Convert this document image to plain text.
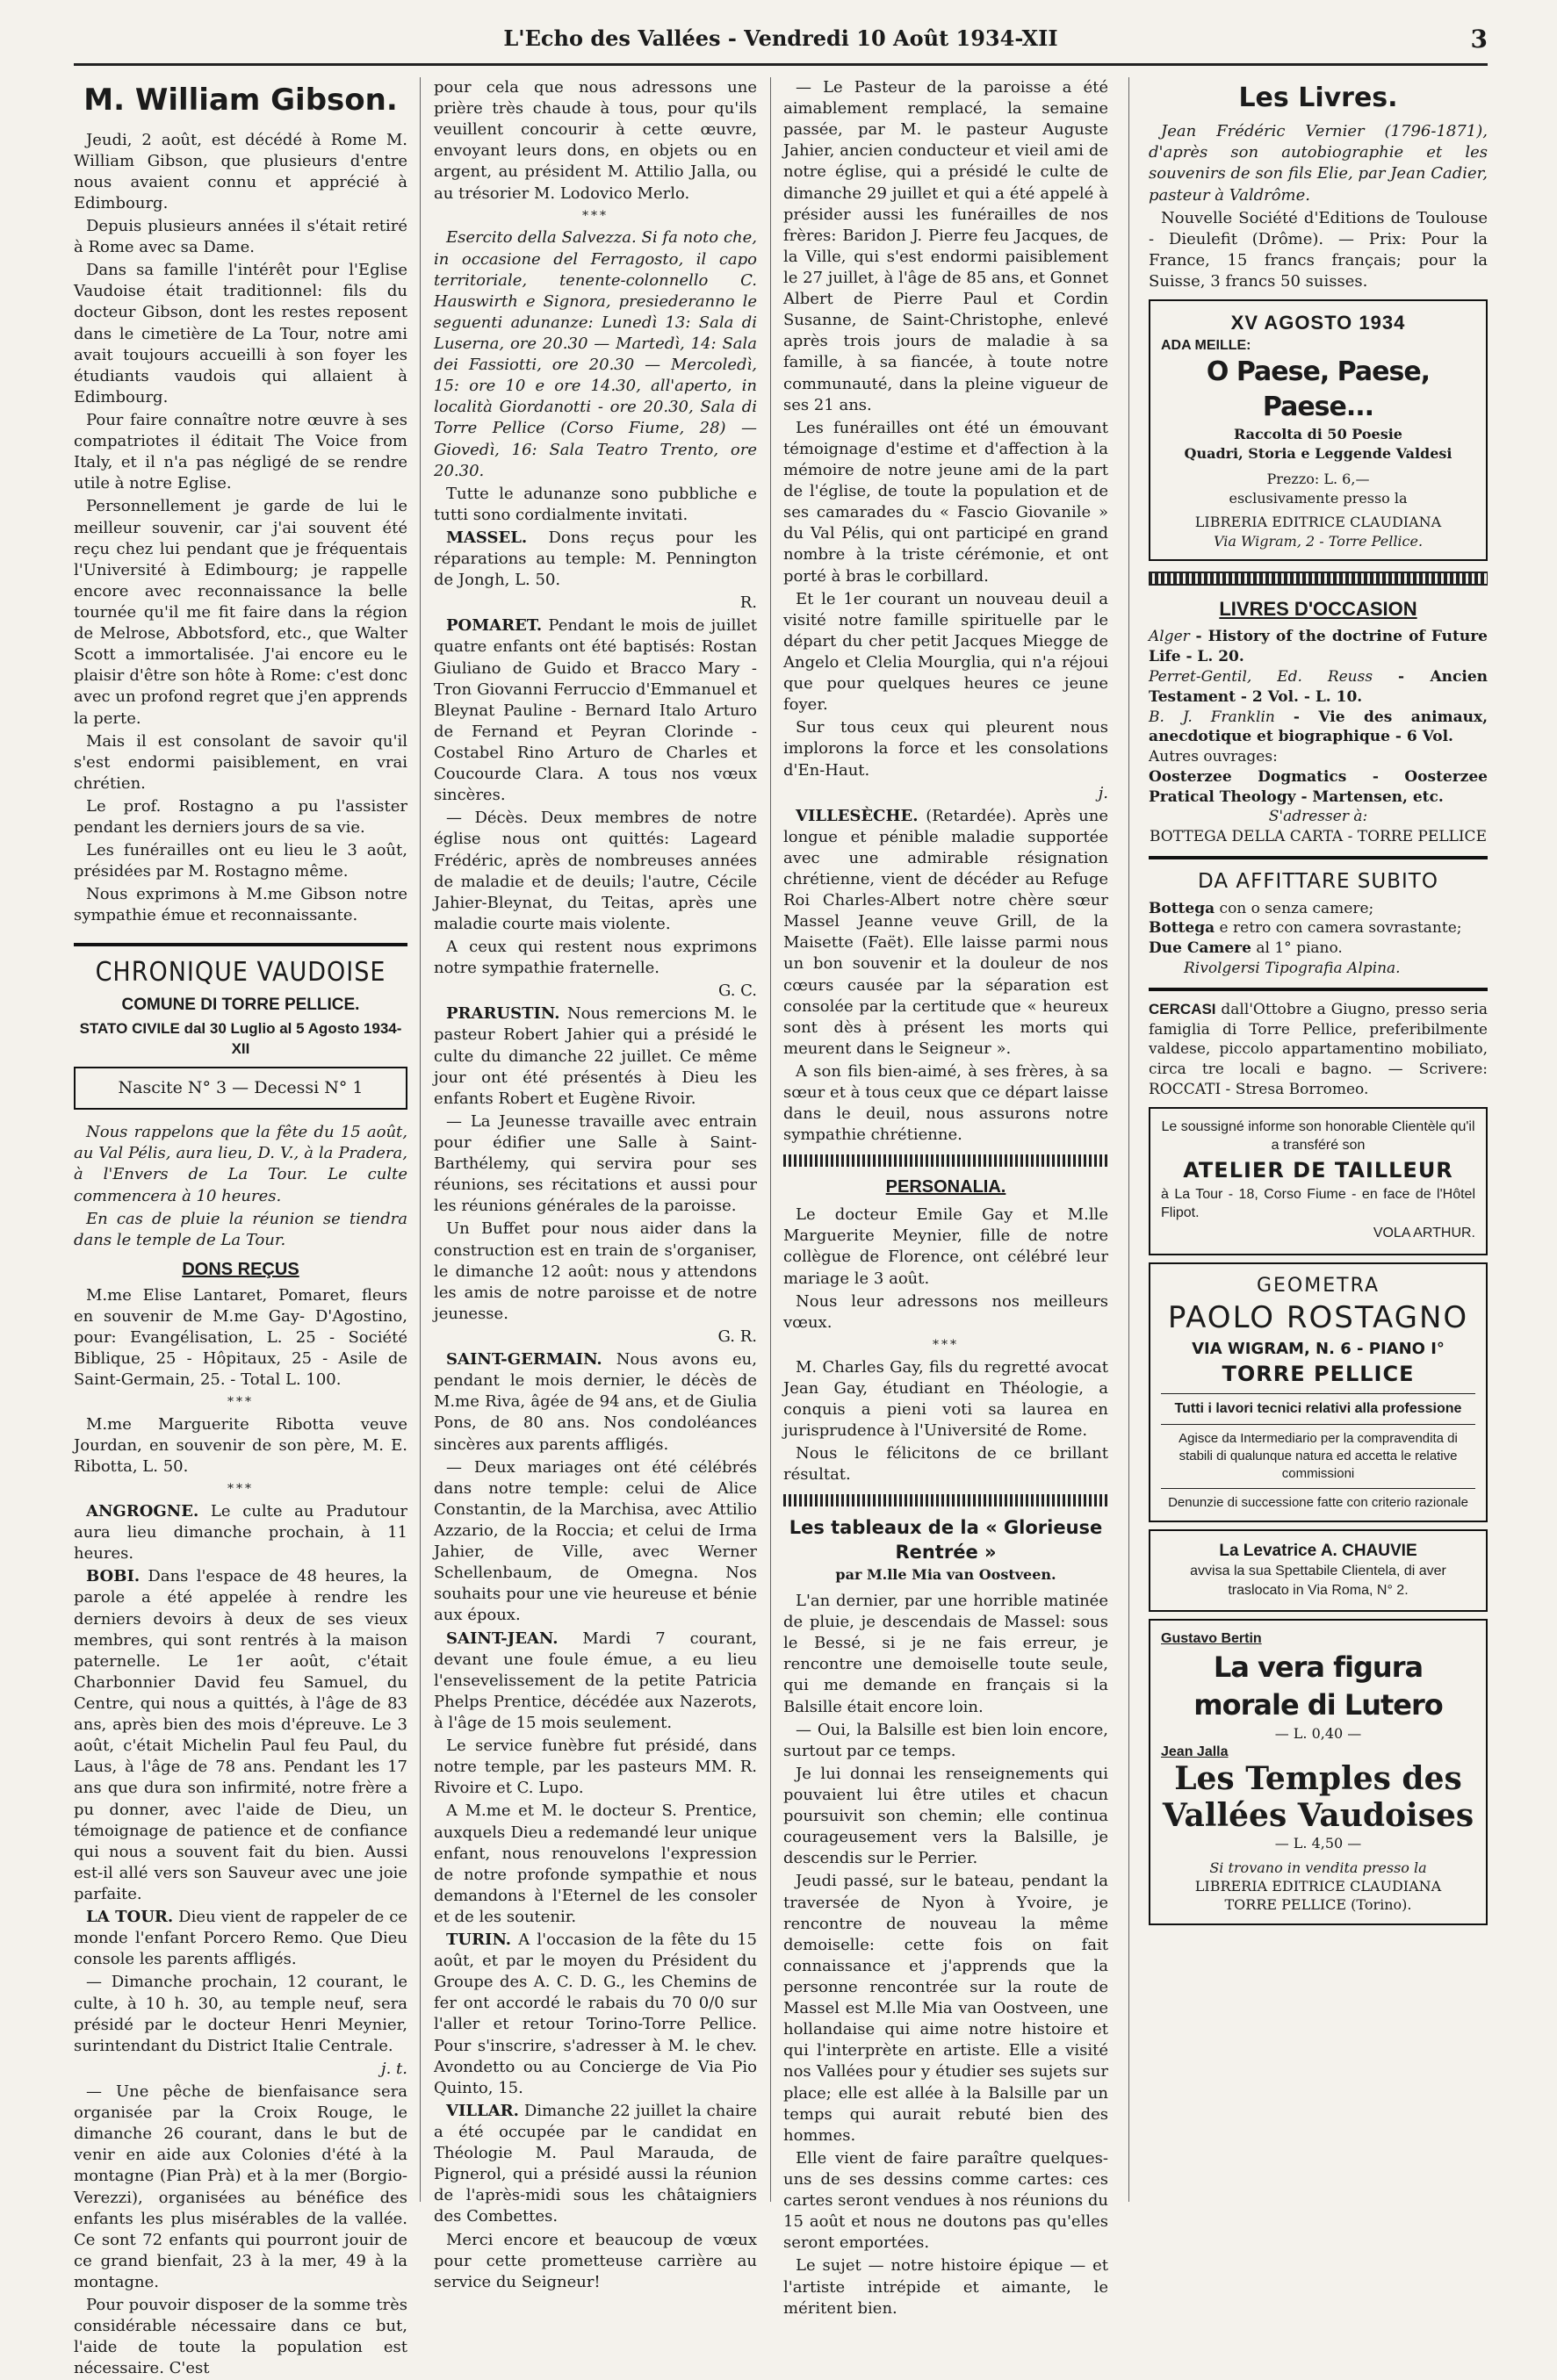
L'Echo des Vallées - Vendredi 10 Août 1934-XII	3
M. William Gibson.

Jeudi, 2 août, est décédé à Rome M. William Gibson, que plusieurs d'entre nous avaient connu et apprécié à Edimbourg.

Depuis plusieurs années il s'était retiré à Rome avec sa Dame.

Dans sa famille l'intérêt pour l'Eglise Vaudoise était traditionnel: fils du docteur Gibson, dont les restes reposent dans le cimetière de La Tour, notre ami avait toujours accueilli à son foyer les étudiants vaudois qui allaient à Edimbourg.

Pour faire connaître notre œuvre à ses compatriotes il éditait The Voice from Italy, et il n'a pas négligé de se rendre utile à notre Eglise.

Personnellement je garde de lui le meilleur souvenir, car j'ai souvent été reçu chez lui pendant que je fréquentais l'Université à Edimbourg; je rappelle encore avec reconnaissance la belle tournée qu'il me fit faire dans la région de Melrose, Abbotsford, etc., que Walter Scott a immortalisée. J'ai encore eu le plaisir d'être son hôte à Rome: c'est donc avec un profond regret que j'en apprends la perte.

Mais il est consolant de savoir qu'il s'est endormi paisiblement, en vrai chrétien.

Le prof. Rostagno a pu l'assister pendant les derniers jours de sa vie.

Les funérailles ont eu lieu le 3 août, présidées par M. Rostagno même.

Nous exprimons à M.me Gibson notre sympathie émue et reconnaissante.

CHRONIQUE VAUDOISE
COMUNE DI TORRE PELLICE.
STATO CIVILE dal 30 Luglio al 5 Agosto 1934-XII
Nascite N° 3 — Decessi N° 1

Nous rappelons que la fête du 15 août, au Val Pélis, aura lieu, D. V., à la Pradera, à l'Envers de La Tour. Le culte commencera à 10 heures.

En cas de pluie la réunion se tiendra dans le temple de La Tour.

DONS REÇUS

M.me Elise Lantaret, Pomaret, fleurs en souvenir de M.me Gay- D'Agostino, pour: Evangélisation, L. 25 - Société Biblique, 25 - Hôpitaux, 25 - Asile de Saint-Germain, 25. - Total L. 100.

***

M.me Marguerite Ribotta veuve Jourdan, en souvenir de son père, M. E. Ribotta, L. 50.

***

ANGROGNE. Le culte au Pradutour aura lieu dimanche prochain, à 11 heures.

BOBI. Dans l'espace de 48 heures, la parole a été appelée à rendre les derniers devoirs à deux de ses vieux membres, qui sont rentrés à la maison paternelle. Le 1er août, c'était Charbonnier David feu Samuel, du Centre, qui nous a quittés, à l'âge de 83 ans, après bien des mois d'épreuve. Le 3 août, c'était Michelin Paul feu Paul, du Laus, à l'âge de 78 ans. Pendant les 17 ans que dura son infirmité, notre frère a pu donner, avec l'aide de Dieu, un témoignage de patience et de confiance qui nous a souvent fait du bien. Aussi est-il allé vers son Sauveur avec une joie parfaite.

LA TOUR. Dieu vient de rappeler de ce monde l'enfant Porcero Remo. Que Dieu console les parents affligés.

— Dimanche prochain, 12 courant, le culte, à 10 h. 30, au temple neuf, sera présidé par le docteur Henri Meynier, surintendant du District Italie Centrale.

j. t.

— Une pêche de bienfaisance sera organisée par la Croix Rouge, le dimanche 26 courant, dans le but de venir en aide aux Colonies d'été à la montagne (Pian Prà) et à la mer (Borgio-Verezzi), organisées au bénéfice des enfants les plus misérables de la vallée. Ce sont 72 enfants qui pourront jouir de ce grand bienfait, 23 à la mer, 49 à la montagne.

Pour pouvoir disposer de la somme très considérable nécessaire dans ce but, l'aide de toute la population est nécessaire. C'est

pour cela que nous adressons une prière très chaude à tous, pour qu'ils veuillent concourir à cette œuvre, envoyant leurs dons, en objets ou en argent, au président M. Attilio Jalla, ou au trésorier M. Lodovico Merlo.

***

Esercito della Salvezza. Si fa noto che, in occasione del Ferragosto, il capo territoriale, tenente-colonnello C. Hauswirth e Signora, presiederanno le seguenti adunanze: Lunedì 13: Sala di Luserna, ore 20.30 — Martedì, 14: Sala dei Fassiotti, ore 20.30 — Mercoledì, 15: ore 10 e ore 14.30, all'aperto, in località Giordanotti - ore 20.30, Sala di Torre Pellice (Corso Fiume, 28) — Giovedì, 16: Sala Teatro Trento, ore 20.30.

Tutte le adunanze sono pubbliche e tutti sono cordialmente invitati.

MASSEL. Dons reçus pour les réparations au temple: M. Pennington de Jongh, L. 50.

R.

POMARET. Pendant le mois de juillet quatre enfants ont été baptisés: Rostan Giuliano de Guido et Bracco Mary - Tron Giovanni Ferruccio d'Emmanuel et Bleynat Pauline - Bernard Italo Arturo de Fernand et Peyran Clorinde - Costabel Rino Arturo de Charles et Coucourde Clara. A tous nos vœux sincères.

— Décès. Deux membres de notre église nous ont quittés: Lageard Frédéric, après de nombreuses années de maladie et de deuils; l'autre, Cécile Jahier-Bleynat, du Teitas, après une maladie courte mais violente.

A ceux qui restent nous exprimons notre sympathie fraternelle.

G. C.

PRARUSTIN. Nous remercions M. le pasteur Robert Jahier qui a présidé le culte du dimanche 22 juillet. Ce même jour ont été présentés à Dieu les enfants Robert et Eugène Rivoir.

— La Jeunesse travaille avec entrain pour édifier une Salle à Saint-Barthélemy, qui servira pour ses réunions, ses récitations et aussi pour les réunions générales de la paroisse.

Un Buffet pour nous aider dans la construction est en train de s'organiser, le dimanche 12 août: nous y attendons les amis de notre paroisse et de notre jeunesse.

G. R.

SAINT-GERMAIN. Nous avons eu, pendant le mois dernier, le décès de M.me Riva, âgée de 94 ans, et de Giulia Pons, de 80 ans. Nos condoléances sincères aux parents affligés.

— Deux mariages ont été célébrés dans notre temple: celui de Alice Constantin, de la Marchisa, avec Attilio Azzario, de la Roccia; et celui de Irma Jahier, de Ville, avec Werner Schellenbaum, de Omegna. Nos souhaits pour une vie heureuse et bénie aux époux.

SAINT-JEAN. Mardi 7 courant, devant une foule émue, a eu lieu l'ensevelissement de la petite Patricia Phelps Prentice, décédée aux Nazerots, à l'âge de 15 mois seulement.

Le service funèbre fut présidé, dans notre temple, par les pasteurs MM. R. Rivoire et C. Lupo.

A M.me et M. le docteur S. Prentice, auxquels Dieu a redemandé leur unique enfant, nous renouvelons l'expression de notre profonde sympathie et nous demandons à l'Eternel de les consoler et de les soutenir.

TURIN. A l'occasion de la fête du 15 août, et par le moyen du Président du Groupe des A. C. D. G., les Chemins de fer ont accordé le rabais du 70 0/0 sur l'aller et retour Torino-Torre Pellice. Pour s'inscrire, s'adresser à M. le chev. Avondetto ou au Concierge de Via Pio Quinto, 15.

VILLAR. Dimanche 22 juillet la chaire a été occupée par le candidat en Théologie M. Paul Marauda, de Pignerol, qui a présidé aussi la réunion de l'après-midi sous les châtaigniers des Combettes.

Merci encore et beaucoup de vœux pour cette prometteuse carrière au service du Seigneur!

— Le Pasteur de la paroisse a été aimablement remplacé, la semaine passée, par M. le pasteur Auguste Jahier, ancien conducteur et vieil ami de notre église, qui a présidé le culte de dimanche 29 juillet et qui a été appelé à présider aussi les funérailles de nos frères: Baridon J. Pierre feu Jacques, de la Ville, qui s'est endormi paisiblement le 27 juillet, à l'âge de 85 ans, et Gonnet Albert de Pierre Paul et Cordin Susanne, de Saint-Christophe, enlevé après trois jours de maladie à sa famille, à sa fiancée, à toute notre communauté, dans la pleine vigueur de ses 21 ans.

Les funérailles ont été un émouvant témoignage d'estime et d'affection à la mémoire de notre jeune ami de la part de l'église, de toute la population et de ses camarades du « Fascio Giovanile » du Val Pélis, qui ont participé en grand nombre à la triste cérémonie, et ont porté à bras le corbillard.

Et le 1er courant un nouveau deuil a visité notre famille spirituelle par le départ du cher petit Jacques Miegge de Angelo et Clelia Mourglia, qui n'a réjoui que pour quelques heures ce jeune foyer.

Sur tous ceux qui pleurent nous implorons la force et les consolations d'En-Haut.

j.

VILLESÈCHE. (Retardée). Après une longue et pénible maladie supportée avec une admirable résignation chrétienne, vient de décéder au Refuge Roi Charles-Albert notre chère sœur Massel Jeanne veuve Grill, de la Maisette (Faët). Elle laisse parmi nous un bon souvenir et la douleur de nos cœurs causée par la séparation est consolée par la certitude que « heureux sont dès à présent les morts qui meurent dans le Seigneur ».

A son fils bien-aimé, à ses frères, à sa sœur et à tous ceux que ce départ laisse dans le deuil, nous assurons notre sympathie chrétienne.

PERSONALIA.

Le docteur Emile Gay et M.lle Marguerite Meynier, fille de notre collègue de Florence, ont célébré leur mariage le 3 août.

Nous leur adressons nos meilleurs vœux.

***

M. Charles Gay, fils du regretté avocat Jean Gay, étudiant en Théologie, a conquis a pieni voti sa laurea en jurisprudence à l'Université de Rome.

Nous le félicitons de ce brillant résultat.

Les tableaux de la « Glorieuse Rentrée »
par M.lle Mia van Oostveen.

L'an dernier, par une horrible matinée de pluie, je descendais de Massel: sous le Bessé, si je ne fais erreur, je rencontre une demoiselle toute seule, qui me demande en français si la Balsille était encore loin.

— Oui, la Balsille est bien loin encore, surtout par ce temps.

Je lui donnai les renseignements qui pouvaient lui être utiles et chacun poursuivit son chemin; elle continua courageusement vers la Balsille, je descendis sur le Perrier.

Jeudi passé, sur le bateau, pendant la traversée de Nyon à Yvoire, je rencontre de nouveau la même demoiselle: cette fois on fait connaissance et j'apprends que la personne rencontrée sur la route de Massel est M.lle Mia van Oostveen, une hollandaise qui aime notre histoire et qui l'interprète en artiste. Elle a visité nos Vallées pour y étudier ses sujets sur place; elle est allée à la Balsille par un temps qui aurait rebuté bien des hommes.

Elle vient de faire paraître quelques-uns de ses dessins comme cartes: ces cartes seront vendues à nos réunions du 15 août et nous ne doutons pas qu'elles seront emportées.

Le sujet — notre histoire épique — et l'artiste intrépide et aimante, le méritent bien.

Les Livres.

Jean Frédéric Vernier (1796-1871), d'après son autobiographie et les souvenirs de son fils Elie, par Jean Cadier, pasteur à Valdrôme.

Nouvelle Société d'Editions de Toulouse - Dieulefit (Drôme). — Prix: Pour la France, 15 francs français; pour la Suisse, 3 francs 50 suisses.

XV AGOSTO 1934
ADA MEILLE:
O Paese, Paese, Paese...
Raccolta di 50 Poesie
Quadri, Storia e Leggende Valdesi
Prezzo: L. 6,—
esclusivamente presso la
LIBRERIA EDITRICE CLAUDIANA
Via Wigram, 2 - Torre Pellice.
LIVRES D'OCCASION

Alger - History of the doctrine of Future Life - L. 20.

Perret-Gentil, Ed. Reuss - Ancien Testament - 2 Vol. - L. 10.

B. J. Franklin - Vie des animaux, anecdotique et biographique - 6 Vol.

Autres ouvrages:

Oosterzee Dogmatics - Oosterzee Pratical Theology - Martensen, etc.

S'adresser à:

BOTTEGA DELLA CARTA - TORRE PELLICE

DA AFFITTARE SUBITO

Bottega con o senza camere;

Bottega e retro con camera sovrastante;

Due Camere al 1° piano.

Rivolgersi Tipografia Alpina.

CERCASI dall'Ottobre a Giugno, presso seria famiglia di Torre Pellice, preferibilmente valdese, piccolo appartamentino mobiliato, circa tre locali e bagno. — Scrivere: ROCCATI - Stresa Borromeo.

Le soussigné informe son honorable Clientèle qu'il a transféré son

ATELIER DE TAILLEUR

à La Tour - 18, Corso Fiume - en face de l'Hôtel Flipot.

VOLA ARTHUR.

GEOMETRA
PAOLO ROSTAGNO
VIA WIGRAM, N. 6 - PIANO I°
TORRE PELLICE
Tutti i lavori tecnici relativi alla professione
Agisce da Intermediario per la compravendita di stabili di qualunque natura ed accetta le relative commissioni
Denunzie di successione fatte con criterio razionale
La Levatrice A. CHAUVIE

avvisa la sua Spettabile Clientela, di aver traslocato in Via Roma, N° 2.

Gustavo Bertin
La vera figura morale di Lutero
— L. 0,40 —
Jean Jalla
Les Temples des Vallées Vaudoises
— L. 4,50 —
Si trovano in vendita presso la
LIBRERIA EDITRICE CLAUDIANA
TORRE PELLICE (Torino).
